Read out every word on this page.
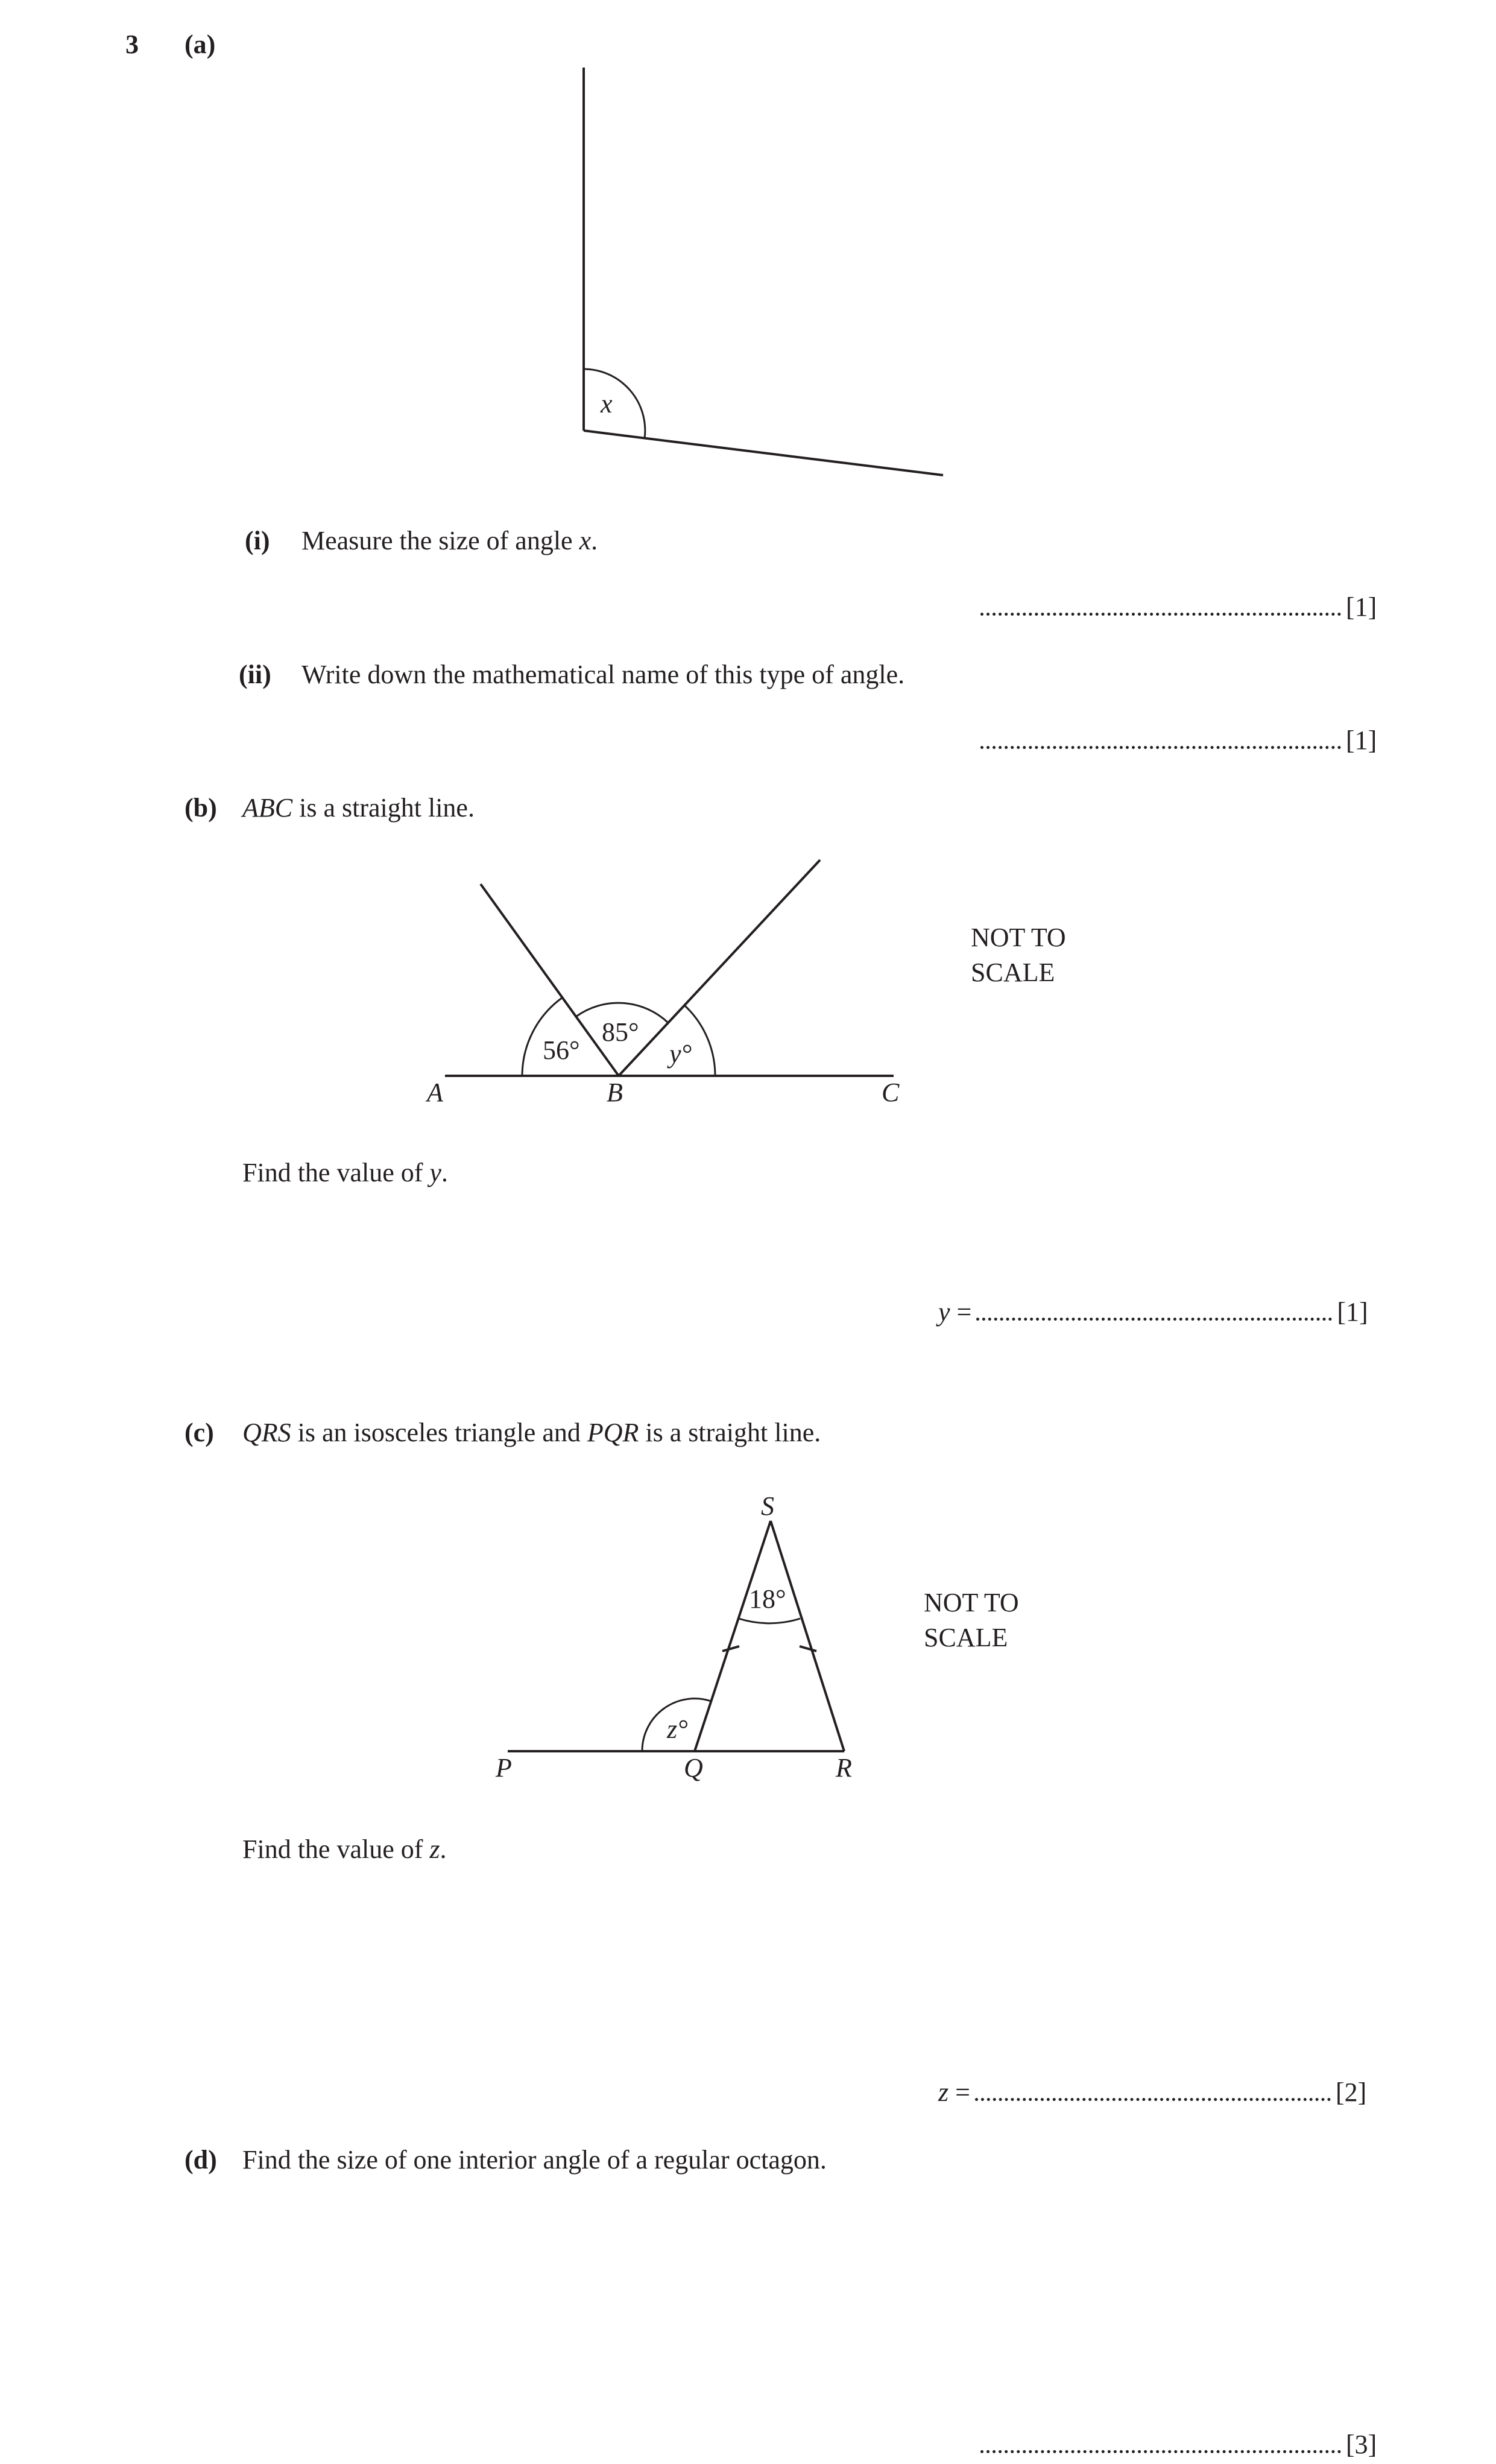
3 (a)
x
56°
85°
y°
A	B	C
18°
z°
S
P	Q	R
(i) Measure the size of angle x.
[1]
(ii) Write down the mathematical name of this type of angle.
[1]
(b) ABC is a straight line.
NOT TO
SCALE
Find the value of y.
y =	[1]
(c) QRS is an isosceles triangle and PQR is a straight line.
NOT TO
SCALE
Find the value of z.
z =	[2]
(d) Find the size of one interior angle of a regular octagon.
[3]
